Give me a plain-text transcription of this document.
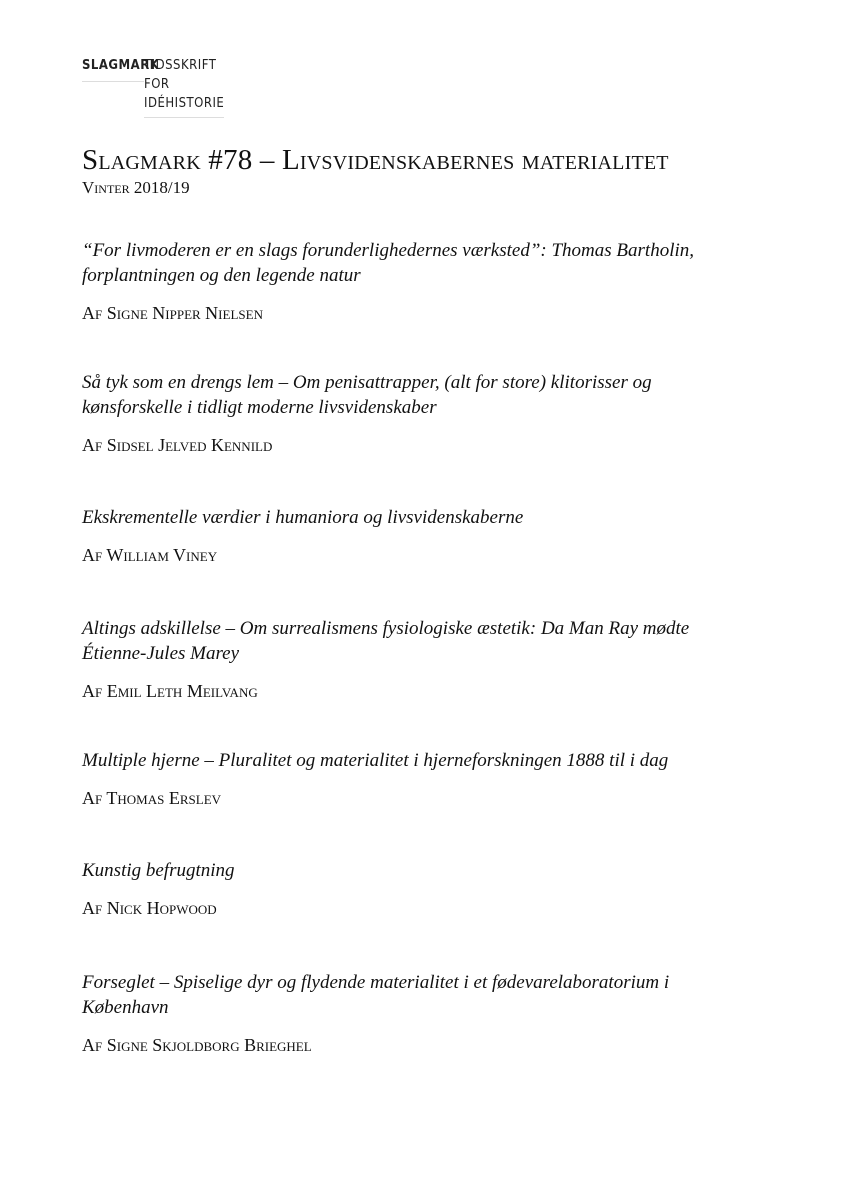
SLAGMARK
TIDSSKRIFT
FOR
IDÉHISTORIE
Slagmark #78 – Livsvidenskabernes materialitet
Vinter 2018/19

“For livmoderen er en slags forunderlighedernes værksted”: Thomas Bartholin,
forplantningen og den legende natur

Af Signe Nipper Nielsen

Så tyk som en drengs lem – Om penisattrapper, (alt for store) klitorisser og
kønsforskelle i tidligt moderne livsvidenskaber

Af Sidsel Jelved Kennild

Ekskrementelle værdier i humaniora og livsvidenskaberne

Af William Viney

Altings adskillelse – Om surrealismens fysiologiske æstetik: Da Man Ray mødte
Étienne-Jules Marey

Af Emil Leth Meilvang

Multiple hjerne – Pluralitet og materialitet i hjerneforskningen 1888 til i dag

Af Thomas Erslev

Kunstig befrugtning

Af Nick Hopwood

Forseglet – Spiselige dyr og flydende materialitet i et fødevarelaboratorium i
København

Af Signe Skjoldborg Brieghel
